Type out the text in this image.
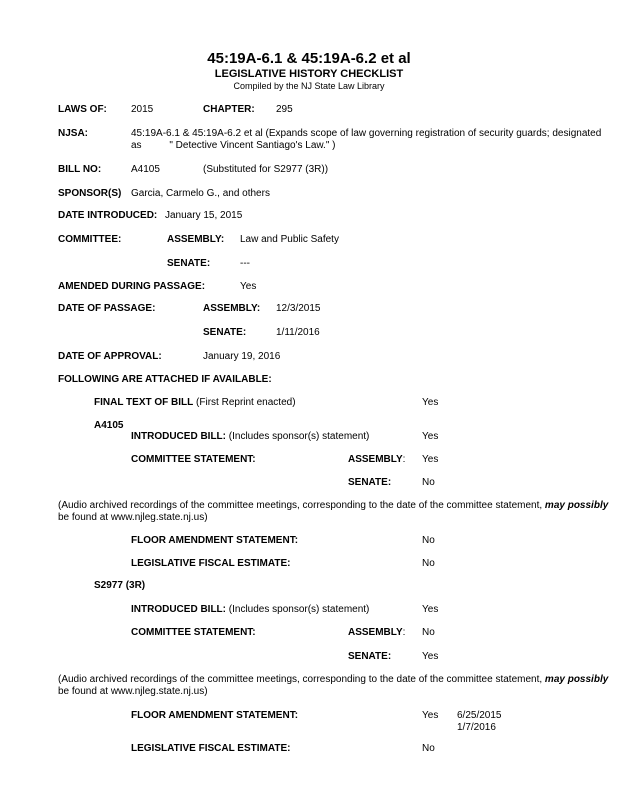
45:19A-6.1 & 45:19A-6.2 et al
LEGISLATIVE HISTORY CHECKLIST
Compiled by the NJ State Law Library
LAWS OF: 2015	CHAPTER: 295
NJSA:	45:19A-6.1 & 45:19A-6.2 et al (Expands scope of law governing registration of security guards; designated
as          " Detective Vincent Santiago's Law." )
BILL NO:	A4105	(Substituted for S2977 (3R))
SPONSOR(S) Garcia, Carmelo G., and others
DATE INTRODUCED: January 15, 2015
COMMITTEE:	ASSEMBLY: Law and Public Safety
SENATE:	---
AMENDED DURING PASSAGE:	Yes
DATE OF PASSAGE:	ASSEMBLY: 12/3/2015
SENATE:	1/11/2016
DATE OF APPROVAL:	January 19, 2016
FOLLOWING ARE ATTACHED IF AVAILABLE:
FINAL TEXT OF BILL (First Reprint enacted)	Yes
A4105
INTRODUCED BILL: (Includes sponsor(s) statement)	Yes
COMMITTEE STATEMENT:	ASSEMBLY: Yes
SENATE:	No
(Audio archived recordings of the committee meetings, corresponding to the date of the committee statement, may possibly
be found at www.njleg.state.nj.us)
FLOOR AMENDMENT STATEMENT:	No
LEGISLATIVE FISCAL ESTIMATE:	No
S2977 (3R)
INTRODUCED BILL: (Includes sponsor(s) statement)	Yes
COMMITTEE STATEMENT:	ASSEMBLY: No
SENATE:	Yes
(Audio archived recordings of the committee meetings, corresponding to the date of the committee statement, may possibly
be found at www.njleg.state.nj.us)
FLOOR AMENDMENT STATEMENT:	Yes 6/25/2015
1/7/2016
LEGISLATIVE FISCAL ESTIMATE:	No
